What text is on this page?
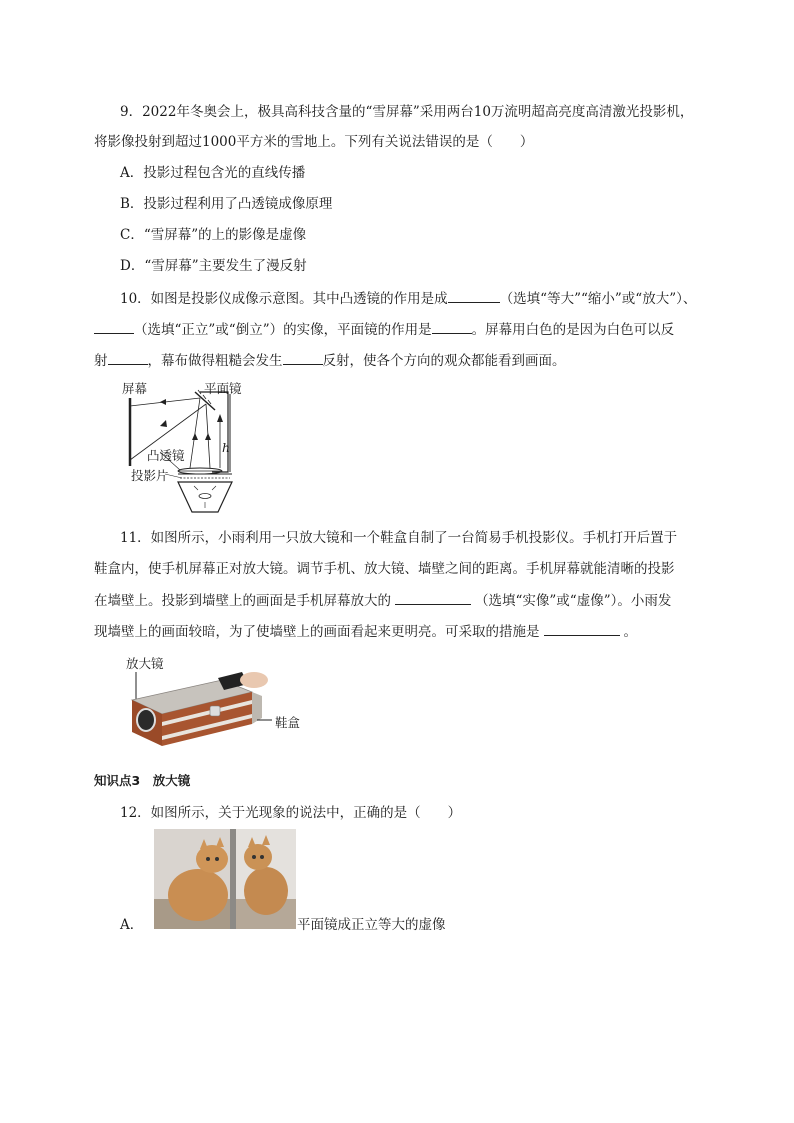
9．2022年冬奥会上，极具高科技含量的“雪屏幕”采用两台10万流明超高亮度高清激光投影机，
将影像投射到超过1000平方米的雪地上。下列有关说法错误的是（　　）
A．投影过程包含光的直线传播
B．投影过程利用了凸透镜成像原理
C．“雪屏幕”的上的影像是虚像
D．“雪屏幕”主要发生了漫反射
10．如图是投影仪成像示意图。其中凸透镜的作用是成	（选填“等大”“缩小”或“放大”）、
（选填“正立”或“倒立”）的实像，平面镜的作用是	。屏幕用白色的是因为白色可以反
射	，幕布做得粗糙会发生	反射，使各个方向的观众都能看到画面。
屏幕	平面镜
凸透镜
投影片
h
11．如图所示，小雨利用一只放大镜和一个鞋盒自制了一台简易手机投影仪。手机打开后置于
鞋盒内，使手机屏幕正对放大镜。调节手机、放大镜、墙壁之间的距离。手机屏幕就能清晰的投影
在墙壁上。投影到墙壁上的画面是手机屏幕放大的	（选填“实像”或“虚像”）。小雨发
现墙壁上的画面较暗，为了使墙壁上的画面看起来更明亮。可采取的措施是	。
放大镜
鞋盒
知识点3　放大镜
12．如图所示，关于光现象的说法中，正确的是（　　）
A．	平面镜成正立等大的虚像
